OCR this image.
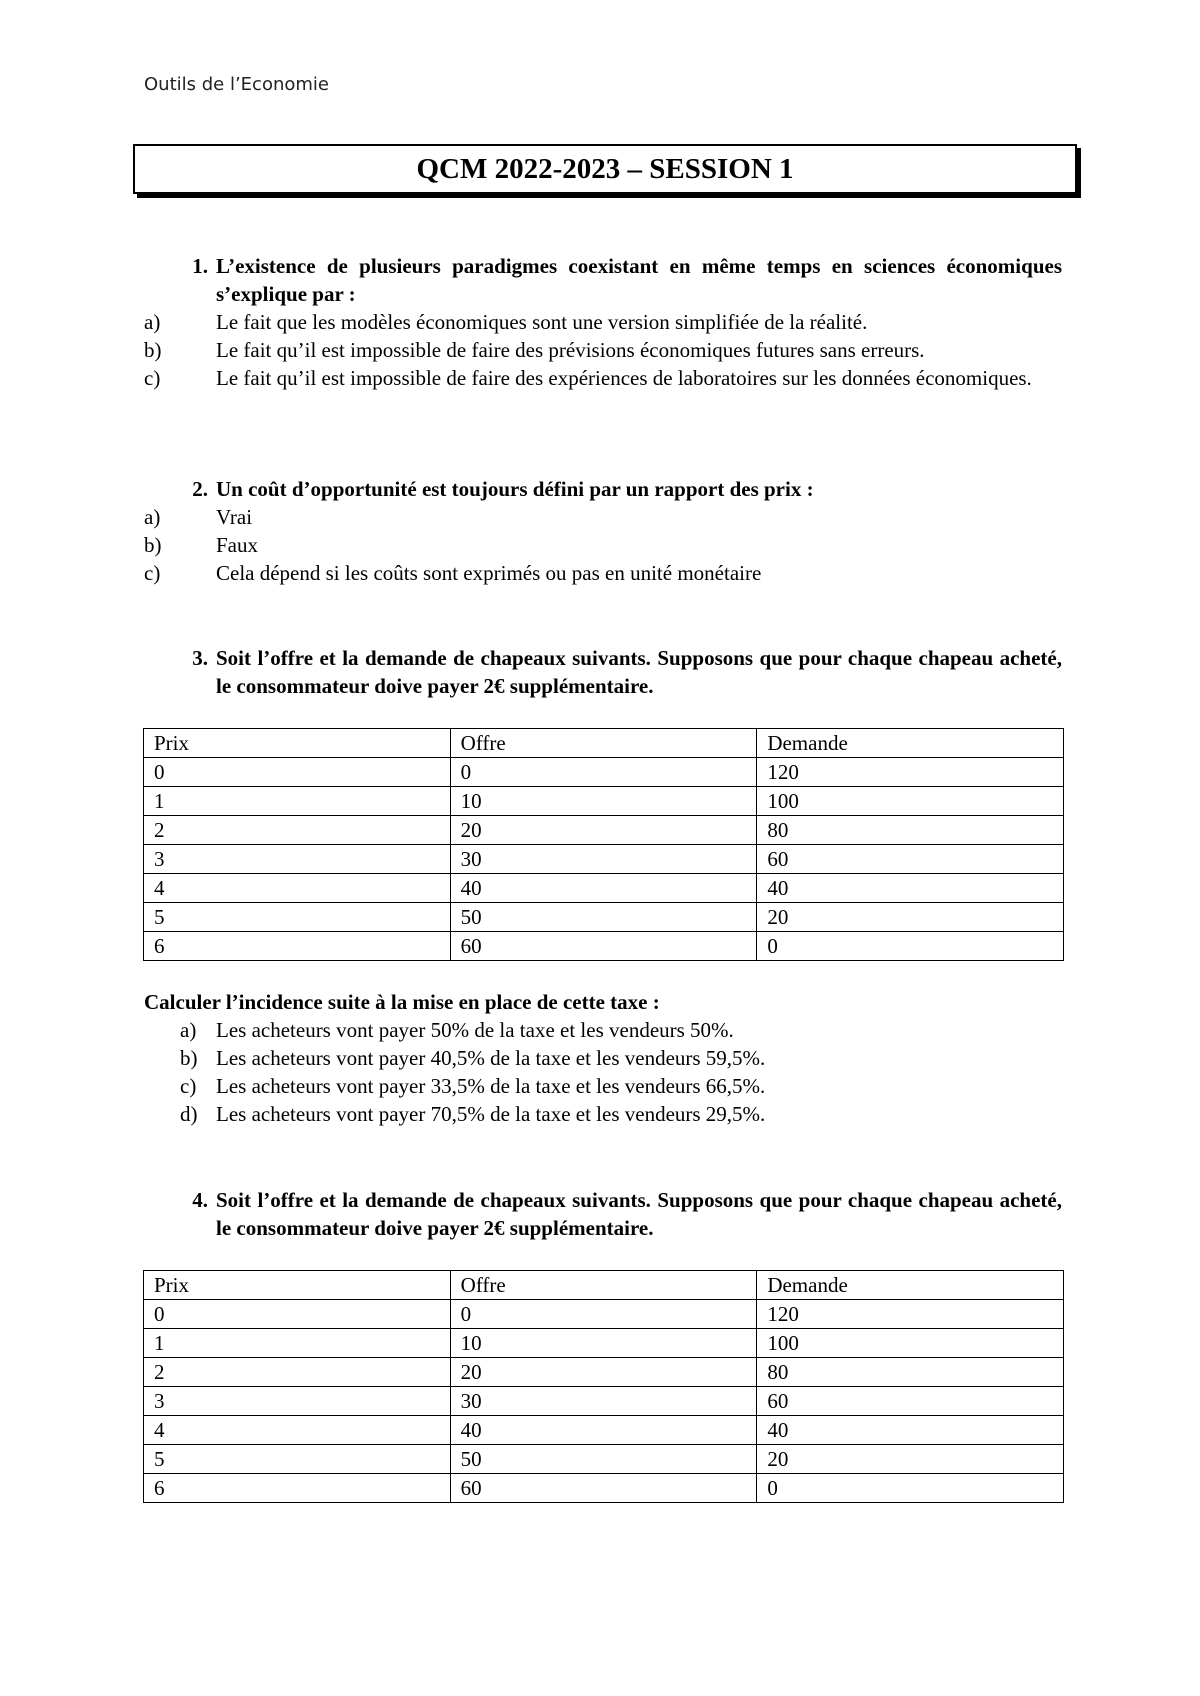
Outils de l’Economie
QCM 2022-2023 – SESSION 1
1. L’existence de plusieurs paradigmes coexistant en même temps en sciences économiques s’explique par :
a)	Le fait que les modèles économiques sont une version simplifiée de la réalité.
b)	Le fait qu’il est impossible de faire des prévisions économiques futures sans erreurs.
c)	Le fait qu’il est impossible de faire des expériences de laboratoires sur les données économiques.
2. Un coût d’opportunité est toujours défini par un rapport des prix :
a)	Vrai
b)	Faux
c)	Cela dépend si les coûts sont exprimés ou pas en unité monétaire
3. Soit l’offre et la demande de chapeaux suivants. Supposons que pour chaque chapeau acheté, le consommateur doive payer 2€ supplémentaire.
Prix	Offre	Demande
0	0	120
1	10	100
2	20	80
3	30	60
4	40	40
5	50	20
6	60	0
Calculer l’incidence suite à la mise en place de cette taxe :
a) Les acheteurs vont payer 50% de la taxe et les vendeurs 50%.
b) Les acheteurs vont payer 40,5% de la taxe et les vendeurs 59,5%.
c) Les acheteurs vont payer 33,5% de la taxe et les vendeurs 66,5%.
d) Les acheteurs vont payer 70,5% de la taxe et les vendeurs 29,5%.
4. Soit l’offre et la demande de chapeaux suivants. Supposons que pour chaque chapeau acheté, le consommateur doive payer 2€ supplémentaire.
Prix	Offre	Demande
0	0	120
1	10	100
2	20	80
3	30	60
4	40	40
5	50	20
6	60	0
